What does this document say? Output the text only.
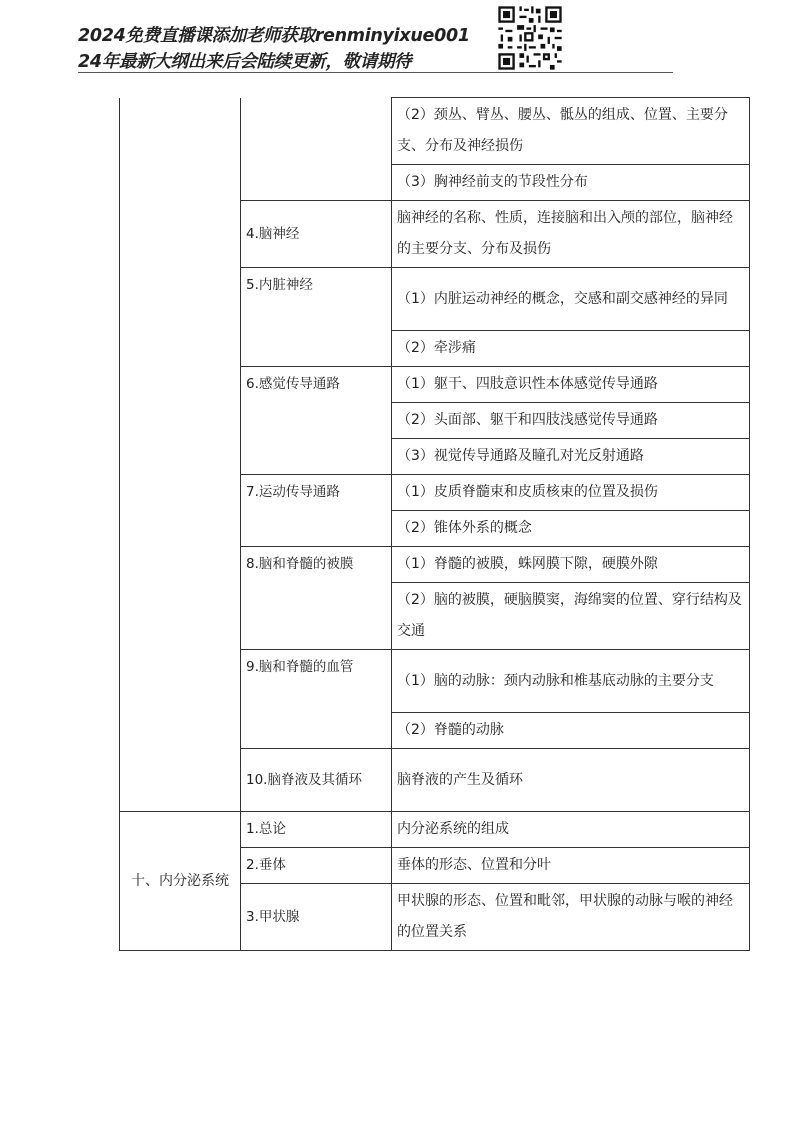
2024免费直播课添加老师获取renminyixue001
24年最新大纲出来后会陆续更新，敬请期待
		（2）颈丛、臂丛、腰丛、骶丛的组成、位置、主要分支、分布及神经损伤
		（3）胸神经前支的节段性分布
	4.脑神经	脑神经的名称、性质，连接脑和出入颅的部位，脑神经的主要分支、分布及损伤
	5.内脏神经	（1）内脏运动神经的概念，交感和副交感神经的异同
		（2）牵涉痛
	6.感觉传导通路	（1）躯干、四肢意识性本体感觉传导通路
		（2）头面部、躯干和四肢浅感觉传导通路
		（3）视觉传导通路及瞳孔对光反射通路
	7.运动传导通路	（1）皮质脊髓束和皮质核束的位置及损伤
		（2）锥体外系的概念
	8.脑和脊髓的被膜	（1）脊髓的被膜，蛛网膜下隙，硬膜外隙
		（2）脑的被膜，硬脑膜窦，海绵窦的位置、穿行结构及交通
	9.脑和脊髓的血管	（1）脑的动脉：颈内动脉和椎基底动脉的主要分支
		（2）脊髓的动脉
	10.脑脊液及其循环	脑脊液的产生及循环
十、内分泌系统	1.总论	内分泌系统的组成
	2.垂体	垂体的形态、位置和分叶
	3.甲状腺	甲状腺的形态、位置和毗邻，甲状腺的动脉与喉的神经的位置关系
